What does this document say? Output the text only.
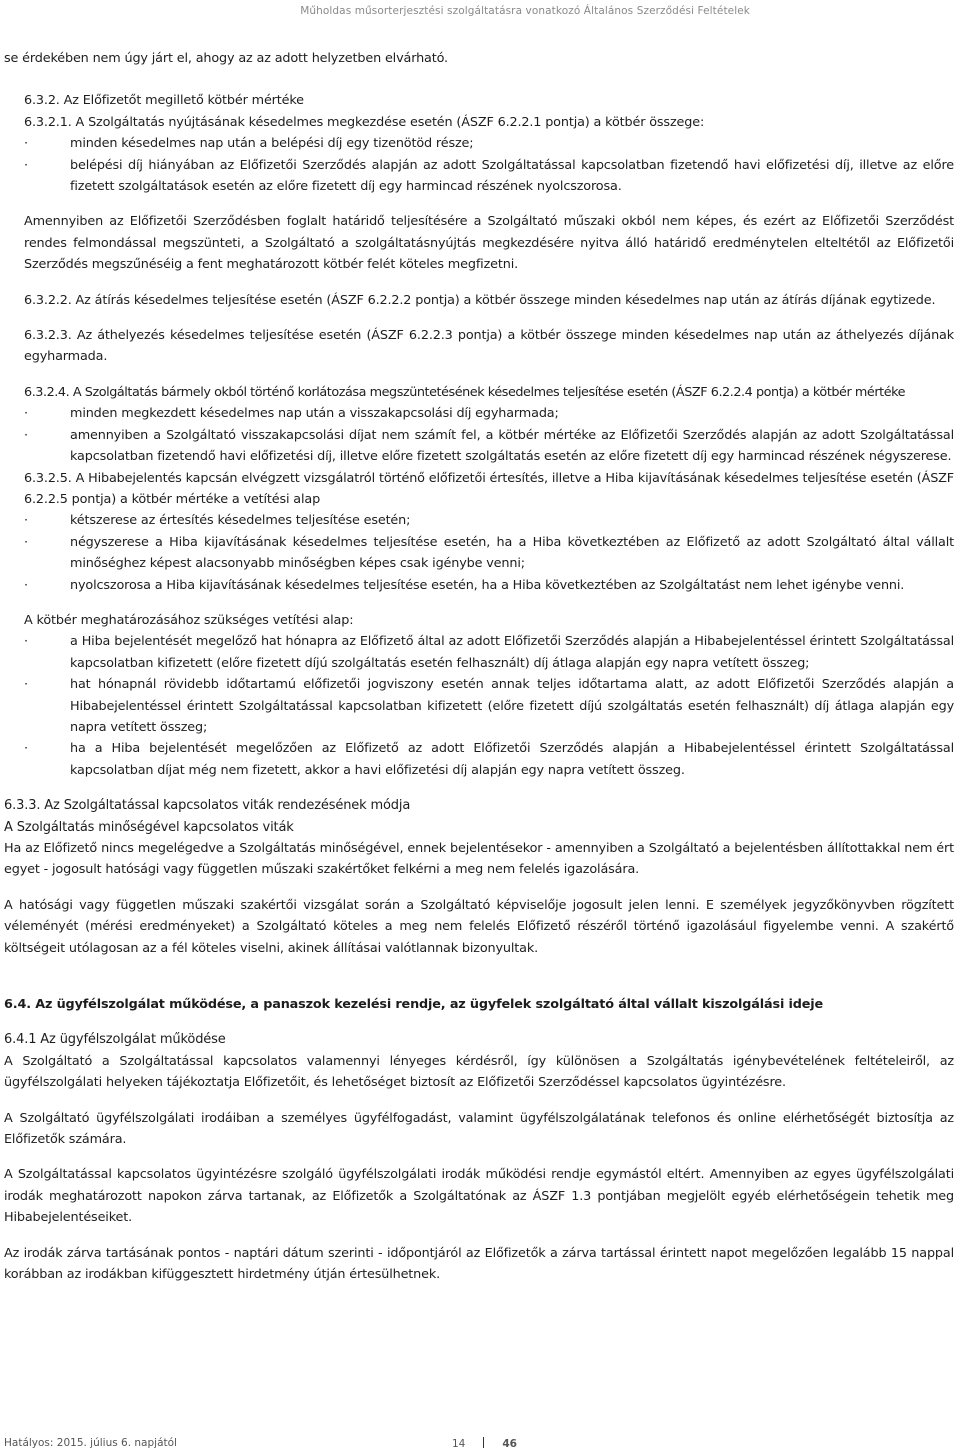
Műholdas műsorterjesztési szolgáltatásra vonatkozó Általános Szerződési Feltételek

se érdekében nem úgy járt el, ahogy az az adott helyzetben elvárható.

6.3.2. Az Előfizetőt megillető kötbér mértéke

6.3.2.1. A Szolgáltatás nyújtásának késedelmes megkezdése esetén (ÁSZF 6.2.2.1 pontja) a kötbér összege:

· minden késedelmes nap után a belépési díj egy tizenötöd része;

· belépési díj hiányában az Előfizetői Szerződés alapján az adott Szolgáltatással kapcsolatban fizetendő havi előfizetési díj, illetve az előre fizetett szolgáltatások esetén az előre fizetett díj egy harmincad részének nyolcszorosa.

Amennyiben az Előfizetői Szerződésben foglalt határidő teljesítésére a Szolgáltató műszaki okból nem képes, és ezért az Előfizetői Szerződést rendes felmondással megszünteti, a Szolgáltató a szolgáltatásnyújtás megkezdésére nyitva álló határidő eredménytelen elteltétől az Előfizetői Szerződés megszűnéséig a fent meghatározott kötbér felét köteles megfizetni.

6.3.2.2. Az átírás késedelmes teljesítése esetén (ÁSZF 6.2.2.2 pontja) a kötbér összege minden késedelmes nap után az átírás díjának egytizede.

6.3.2.3. Az áthelyezés késedelmes teljesítése esetén (ÁSZF 6.2.2.3 pontja) a kötbér összege minden késedelmes nap után az áthelyezés díjának egyharmada.

6.3.2.4. A Szolgáltatás bármely okból történő korlátozása megszüntetésének késedelmes teljesítése esetén (ÁSZF 6.2.2.4 pontja) a kötbér mértéke

· minden megkezdett késedelmes nap után a visszakapcsolási díj egyharmada;

· amennyiben a Szolgáltató visszakapcsolási díjat nem számít fel, a kötbér mértéke az Előfizetői Szerződés alapján az adott Szolgáltatással kapcsolatban fizetendő havi előfizetési díj, illetve előre fizetett szolgáltatás esetén az előre fizetett díj egy harmincad részének négyszerese.

6.3.2.5. A Hibabejelentés kapcsán elvégzett vizsgálatról történő előfizetői értesítés, illetve a Hiba kijavításának késedelmes teljesítése esetén (ÁSZF 6.2.2.5 pontja) a kötbér mértéke a vetítési alap

· kétszerese az értesítés késedelmes teljesítése esetén;

· négyszerese a Hiba kijavításának késedelmes teljesítése esetén, ha a Hiba következtében az Előfizető az adott Szolgáltató által vállalt minőséghez képest alacsonyabb minőségben képes csak igénybe venni;

· nyolcszorosa a Hiba kijavításának késedelmes teljesítése esetén, ha a Hiba következtében az Szolgáltatást nem lehet igénybe venni.

A kötbér meghatározásához szükséges vetítési alap:

· a Hiba bejelentését megelőző hat hónapra az Előfizető által az adott Előfizetői Szerződés alapján a Hibabejelentéssel érintett Szolgáltatással kapcsolatban kifizetett (előre fizetett díjú szolgáltatás esetén felhasznált) díj átlaga alapján egy napra vetített összeg;

· hat hónapnál rövidebb időtartamú előfizetői jogviszony esetén annak teljes időtartama alatt, az adott Előfizetői Szerződés alapján a Hibabejelentéssel érintett Szolgáltatással kapcsolatban kifizetett (előre fizetett díjú szolgáltatás esetén felhasznált) díj átlaga alapján egy napra vetített összeg;

· ha a Hiba bejelentését megelőzően az Előfizető az adott Előfizetői Szerződés alapján a Hibabejelentéssel érintett Szolgáltatással kapcsolatban díjat még nem fizetett, akkor a havi előfizetési díj alapján egy napra vetített összeg.

6.3.3. Az Szolgáltatással kapcsolatos viták rendezésének módja

A Szolgáltatás minőségével kapcsolatos viták

Ha az Előfizető nincs megelégedve a Szolgáltatás minőségével, ennek bejelentésekor - amennyiben a Szolgáltató a bejelentésben állítottakkal nem ért egyet - jogosult hatósági vagy független műszaki szakértőket felkérni a meg nem felelés igazolására.

A hatósági vagy független műszaki szakértői vizsgálat során a Szolgáltató képviselője jogosult jelen lenni. E személyek jegyzőkönyvben rögzített véleményét (mérési eredményeket) a Szolgáltató köteles a meg nem felelés Előfizető részéről történő igazolásául figyelembe venni. A szakértő költségeit utólagosan az a fél köteles viselni, akinek állításai valótlannak bizonyultak.

6.4. Az ügyfélszolgálat működése, a panaszok kezelési rendje, az ügyfelek szolgáltató által vállalt kiszolgálási ideje

6.4.1 Az ügyfélszolgálat működése

A Szolgáltató a Szolgáltatással kapcsolatos valamennyi lényeges kérdésről, így különösen a Szolgáltatás igénybevételének feltételeiről, az ügyfélszolgálati helyeken tájékoztatja Előfizetőit, és lehetőséget biztosít az Előfizetői Szerződéssel kapcsolatos ügyintézésre.

A Szolgáltató ügyfélszolgálati irodáiban a személyes ügyfélfogadást, valamint ügyfélszolgálatának telefonos és online elérhetőségét biztosítja az Előfizetők számára.

A Szolgáltatással kapcsolatos ügyintézésre szolgáló ügyfélszolgálati irodák működési rendje egymástól eltért. Amennyiben az egyes ügyfélszolgálati irodák meghatározott napokon zárva tartanak, az Előfizetők a Szolgáltatónak az ÁSZF 1.3 pontjában megjelölt egyéb elérhetőségein tehetik meg Hibabejelentéseiket.

Az irodák zárva tartásának pontos - naptári dátum szerinti - időpontjáról az Előfizetők a zárva tartással érintett napot megelőzően legalább 15 nappal korábban az irodákban kifüggesztett hirdetmény útján értesülhetnek.

Hatályos: 2015. július 6. napjától	14	46
